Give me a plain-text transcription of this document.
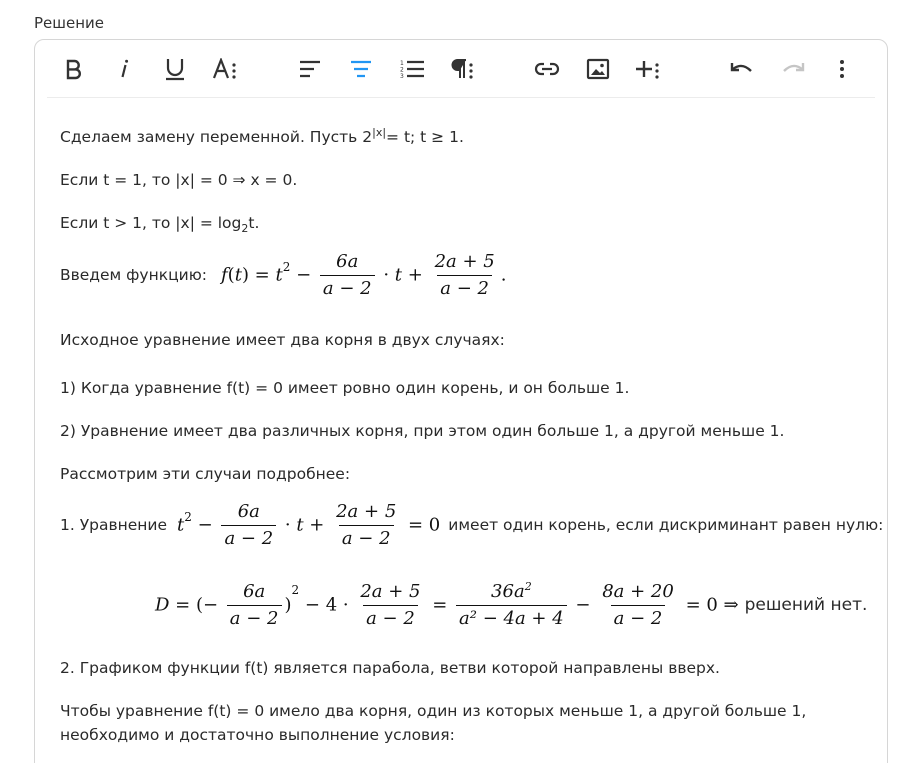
Решение
1
2
3
Сделаем замену переменной. Пусть $2^{|x|}= t$; t ≥ 1.
Если t = 1, то |x| = 0 ⇒ x = 0.
Если t > 1, то $|x| = \log_2t$.
Введем функцию: $f(t) = t^2 - \frac{6a}{a - 2} \cdot t + \frac{2a + 5}{a - 2}$ .
Исходное уравнение имеет два корня в двух случаях:
1) Когда уравнение f(t) = 0 имеет ровно один корень, и он больше 1.
2) Уравнение имеет два различных корня, при этом один больше 1, а другой меньше 1.
Рассмотрим эти случаи подробнее:
1. Уравнение $t^2 - \frac{6a}{a - 2} \cdot t + \frac{2a + 5}{a - 2} = 0$ имеет один корень, если дискриминант равен нулю:
D = (− $\frac{6a}{a - 2} )^2 - 4 \cdot \frac{2a + 5}{a - 2} = \frac{36a^2}{\text{a² − 4a + 4}} - \frac{8a + 20}{a - 2} = 0$ ⇒ решений нет.
2. Графиком функции f(t) является парабола, ветви которой направлены вверх.
Чтобы уравнение f(t) = 0 имело два корня, один из которых меньше 1, а другой больше 1, необходимо и достаточно выполнение условия:
